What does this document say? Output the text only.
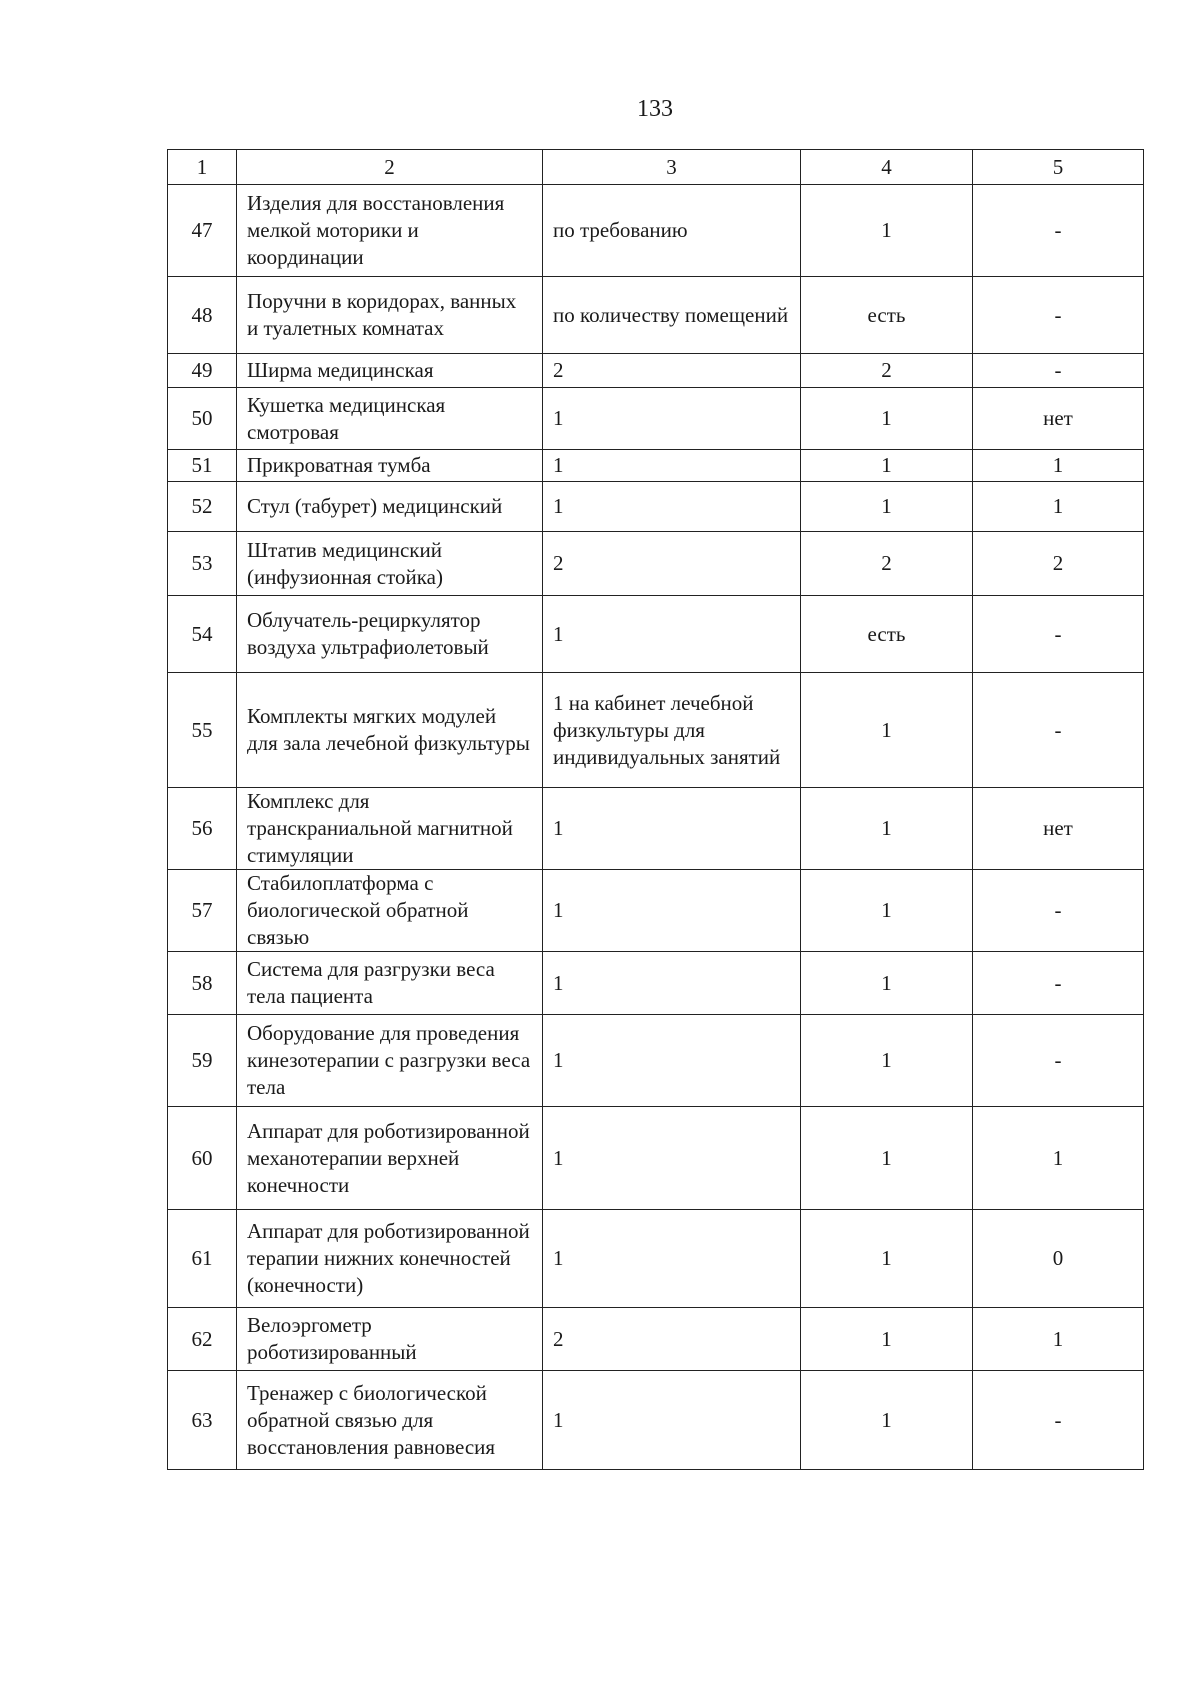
133
1	2	3	4	5
47	Изделия для восстановления мелкой моторики и координации	по требованию	1	-
48	Поручни в коридорах, ванных и туалетных комнатах	по количеству помещений	есть	-
49	Ширма медицинская	2	2	-
50	Кушетка медицинская смотровая	1	1	нет
51	Прикроватная тумба	1	1	1
52	Стул (табурет) медицинский	1	1	1
53	Штатив медицинский (инфузионная стойка)	2	2	2
54	Облучатель-рециркулятор воздуха ультрафиолетовый	1	есть	-
55	Комплекты мягких модулей для зала лечебной физкультуры	1 на кабинет лечебной физкультуры для индивидуальных занятий	1	-
56	Комплекс для транскраниальной магнитной стимуляции	1	1	нет
57	Стабилоплатформа с биологической обратной связью	1	1	-
58	Система для разгрузки веса тела пациента	1	1	-
59	Оборудование для проведения кинезотерапии с разгрузки веса тела	1	1	-
60	Аппарат для роботизированной механотерапии верхней конечности	1	1	1
61	Аппарат для роботизированной терапии нижних конечностей (конечности)	1	1	0
62	Велоэргометр роботизированный	2	1	1
63	Тренажер с биологической обратной связью для восстановления равновесия	1	1	-
